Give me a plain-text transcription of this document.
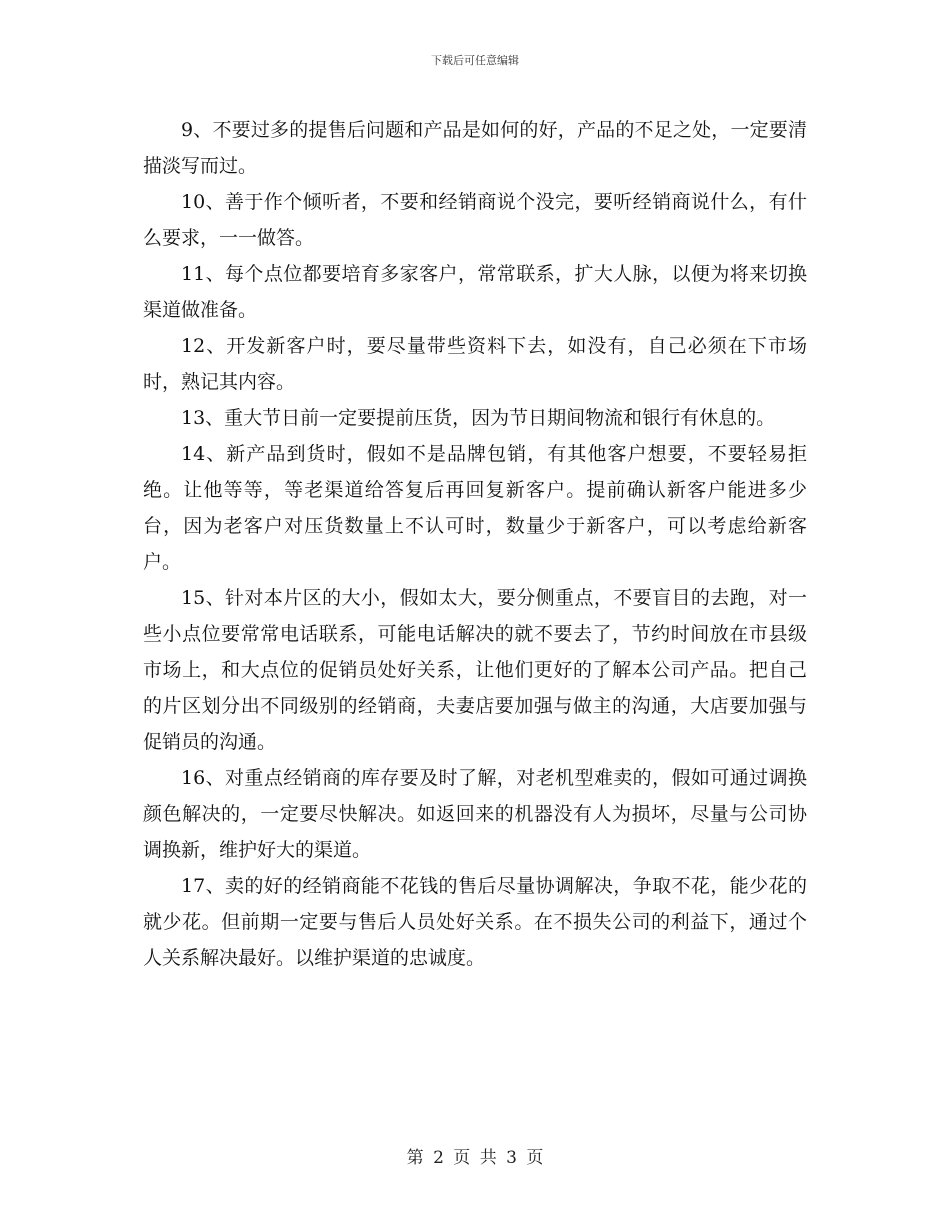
下载后可任意编辑

9、不要过多的提售后问题和产品是如何的好，产品的不足之处，一定要清描淡写而过。

10、善于作个倾听者，不要和经销商说个没完，要听经销商说什么，有什么要求，一一做答。

11、每个点位都要培育多家客户，常常联系，扩大人脉，以便为将来切换渠道做准备。

12、开发新客户时，要尽量带些资料下去，如没有，自己必须在下市场时，熟记其内容。

13、重大节日前一定要提前压货，因为节日期间物流和银行有休息的。

14、新产品到货时，假如不是品牌包销，有其他客户想要，不要轻易拒绝。让他等等，等老渠道给答复后再回复新客户。提前确认新客户能进多少台，因为老客户对压货数量上不认可时，数量少于新客户，可以考虑给新客户。

15、针对本片区的大小，假如太大，要分侧重点，不要盲目的去跑，对一些小点位要常常电话联系，可能电话解决的就不要去了，节约时间放在市县级市场上，和大点位的促销员处好关系，让他们更好的了解本公司产品。把自己的片区划分出不同级别的经销商，夫妻店要加强与做主的沟通，大店要加强与促销员的沟通。

16、对重点经销商的库存要及时了解，对老机型难卖的，假如可通过调换颜色解决的，一定要尽快解决。如返回来的机器没有人为损坏，尽量与公司协调换新，维护好大的渠道。

17、卖的好的经销商能不花钱的售后尽量协调解决，争取不花，能少花的就少花。但前期一定要与售后人员处好关系。在不损失公司的利益下，通过个人关系解决最好。以维护渠道的忠诚度。

第 2 页 共 3 页
